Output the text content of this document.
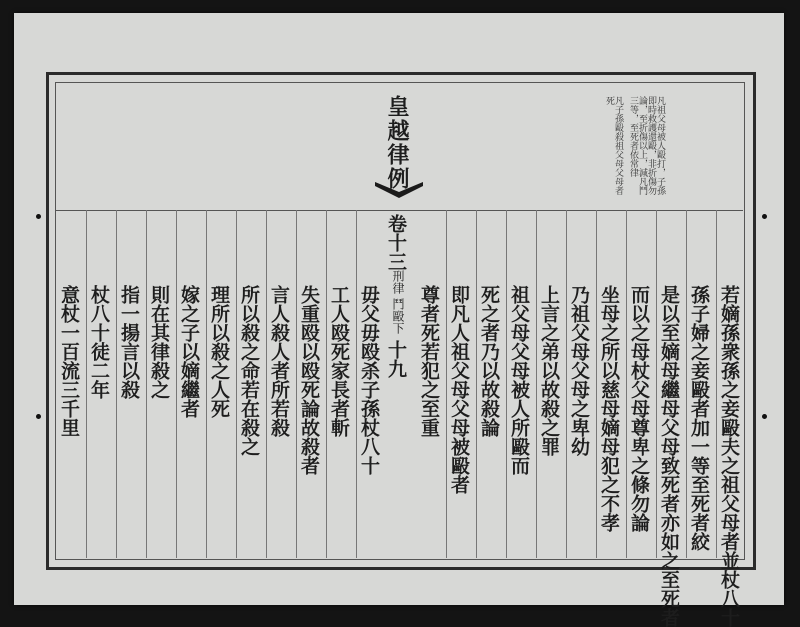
皇越律例
卷十三
刑律 鬥毆下
十九
凡祖父母被人毆打，子孫即時救護還毆，非折傷勿論，至折傷以上，減凡鬥三等，至死者依常律
凡子孫毆殺祖父母父母者死
若嫡孫衆孫之妾毆夫之祖父母者並杖八十
孫子婦之妾毆者加一等至死者絞
是以至嫡母繼母父母致死者亦如之至死者
而以之母杖父母尊卑之條勿論
坐母之所以慈母嫡母犯之不孝
乃祖父母父母之卑幼
上言之弟以故殺之罪
祖父母父母被人所毆而
死之者乃以故殺論
即凡人祖父母父母被毆者
尊者死若犯之至重
毋父毋殴杀子孫杖八十
工人殴死家長者斬
失重殴以殴死論故殺者
言人殺人者所若殺
所以殺之命若在殺之
理所以殺之人死
嫁之子以嫡繼者
則在其律殺之
指一揚言以殺
杖八十徒二年
意杖一百流三千里
